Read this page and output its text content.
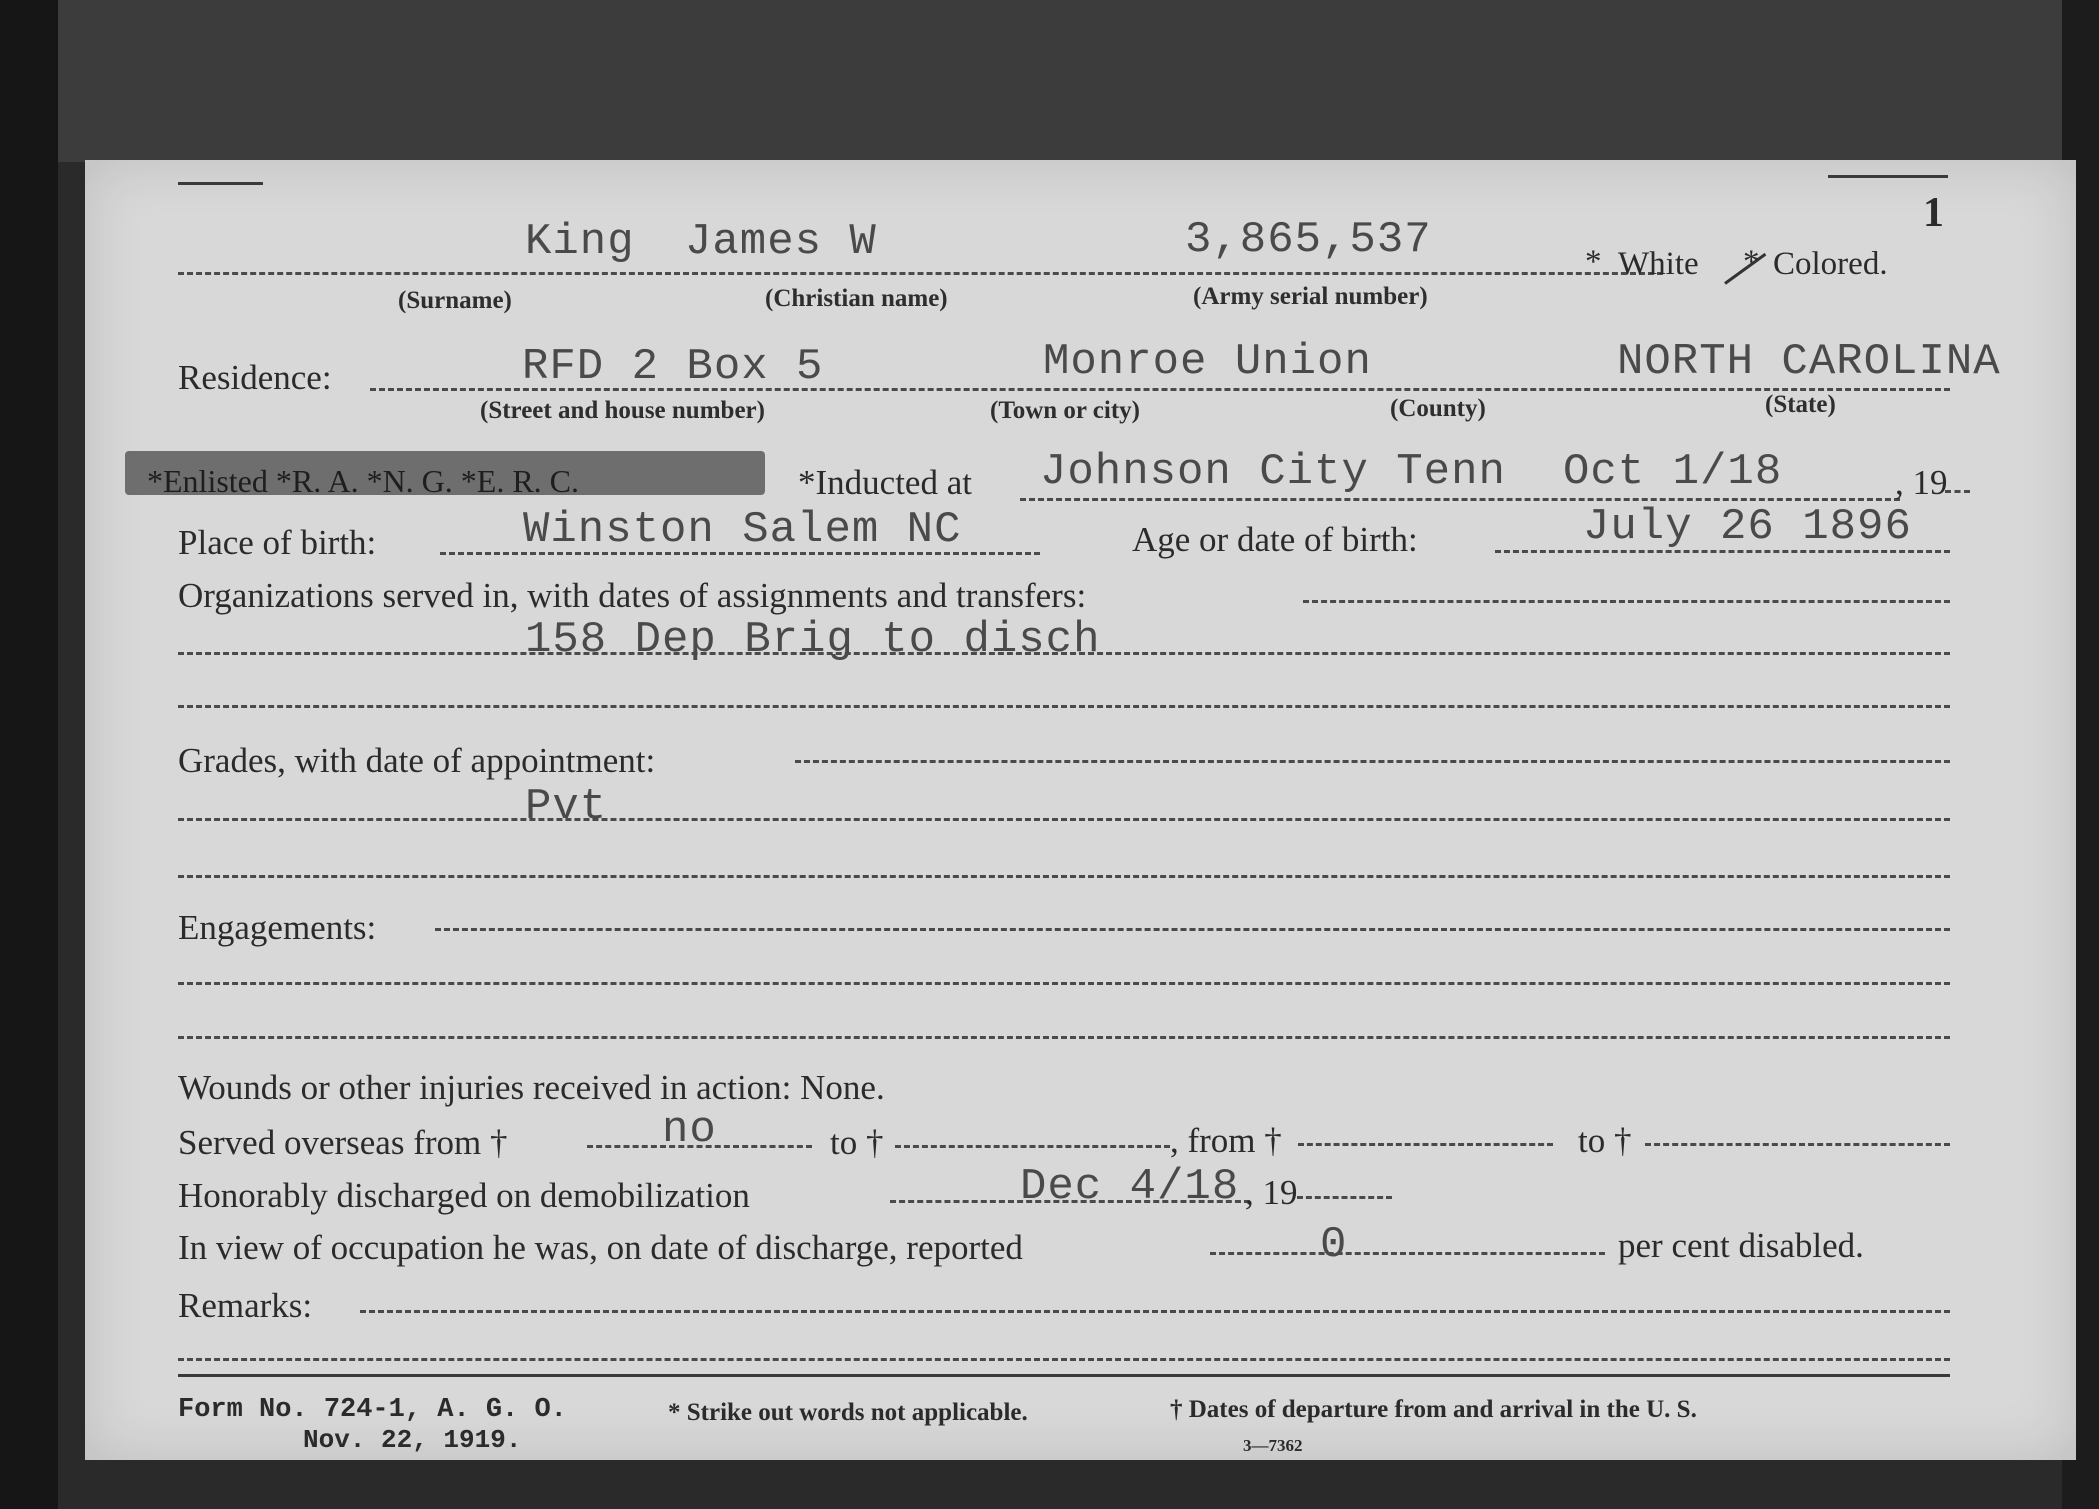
1
King James W	3,865,537	* White * Colored.
(Surname)	(Christian name)	(Army serial number)
Residence:	RFD 2 Box 5	Monroe Union	NORTH CAROLINA
(Street and house number)	(Town or city)	(County)	(State)
*Enlisted *R. A. *N. G. *E. R. C.	*Inducted at Johnson City Tenn Oct 1/18	, 19
Place of birth:	Winston Salem NC	Age or date of birth:	July 26 1896
Organizations served in, with dates of assignments and transfers:
158 Dep Brig to disch
Grades, with date of appointment:
Pvt
Engagements:
Wounds or other injuries received in action: None.
Served overseas from †	no	to †	, from †	to †
Honorably discharged on demobilization	Dec 4/18 , 19
In view of occupation he was, on date of discharge, reported	0	per cent disabled.
Remarks:
Form No. 724-1, A. G. O.
Nov. 22, 1919.
* Strike out words not applicable.	† Dates of departure from and arrival in the U. S.
3—7362
